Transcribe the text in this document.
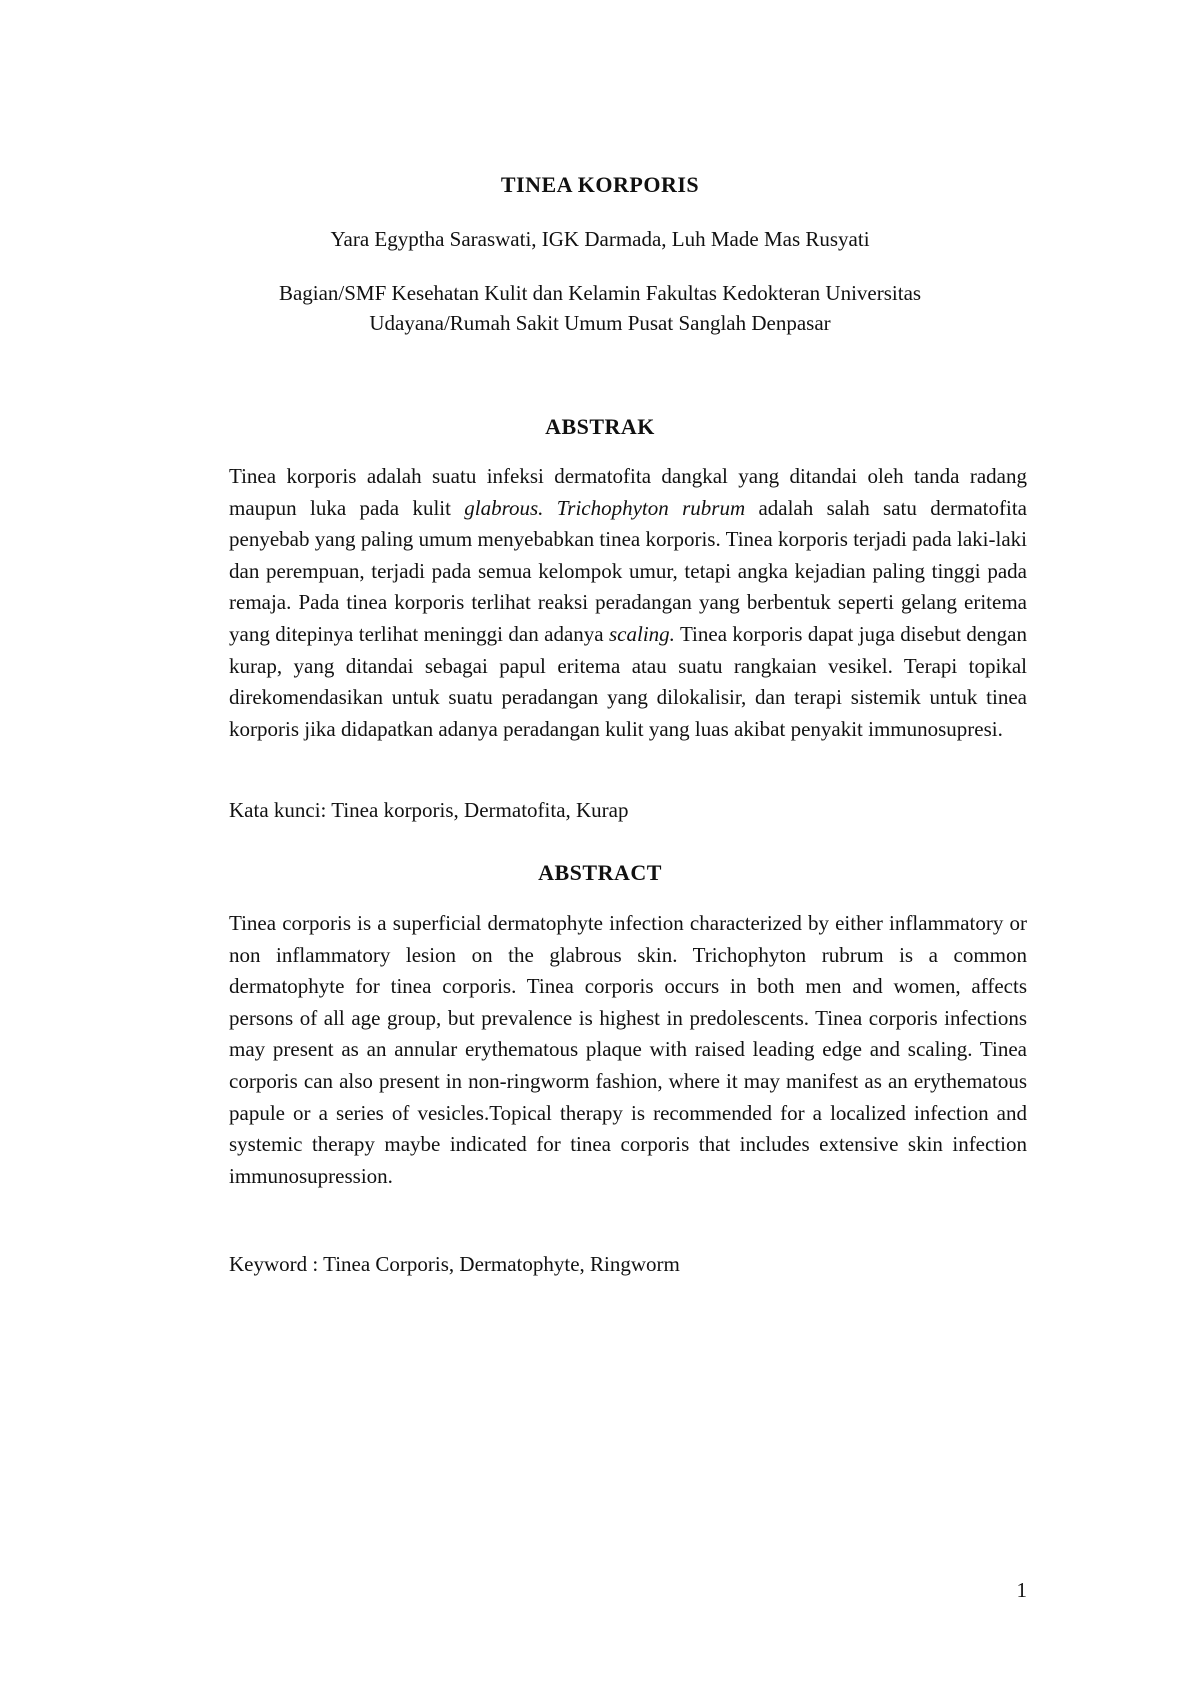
TINEA KORPORIS
Yara Egyptha Saraswati, IGK Darmada, Luh Made Mas Rusyati
Bagian/SMF Kesehatan Kulit dan Kelamin Fakultas Kedokteran Universitas
Udayana/Rumah Sakit Umum Pusat Sanglah Denpasar
ABSTRAK

Tinea korporis adalah suatu infeksi dermatofita dangkal yang ditandai oleh tanda radang maupun luka pada kulit glabrous. Trichophyton rubrum adalah salah satu dermatofita penyebab yang paling umum menyebabkan tinea korporis. Tinea korporis terjadi pada laki-laki dan perempuan, terjadi pada semua kelompok umur, tetapi angka kejadian paling tinggi pada remaja. Pada tinea korporis terlihat reaksi peradangan yang berbentuk seperti gelang eritema yang ditepinya terlihat meninggi dan adanya scaling. Tinea korporis dapat juga disebut dengan kurap, yang ditandai sebagai papul eritema atau suatu rangkaian vesikel. Terapi topikal direkomendasikan untuk suatu peradangan yang dilokalisir, dan terapi sistemik untuk tinea korporis jika didapatkan adanya peradangan kulit yang luas akibat penyakit immunosupresi.

Kata kunci: Tinea korporis, Dermatofita, Kurap

ABSTRACT

Tinea corporis is a superficial dermatophyte infection characterized by either inflammatory or non inflammatory lesion on the glabrous skin. Trichophyton rubrum is a common dermatophyte for tinea corporis. Tinea corporis occurs in both men and women, affects persons of all age group, but prevalence is highest in predolescents. Tinea corporis infections may present as an annular erythematous plaque with raised leading edge and scaling. Tinea corporis can also present in non-ringworm fashion, where it may manifest as an erythematous papule or a series of vesicles.Topical therapy is recommended for a localized infection and systemic therapy maybe indicated for tinea corporis that includes extensive skin infection immunosupression.

Keyword : Tinea Corporis, Dermatophyte, Ringworm

1
